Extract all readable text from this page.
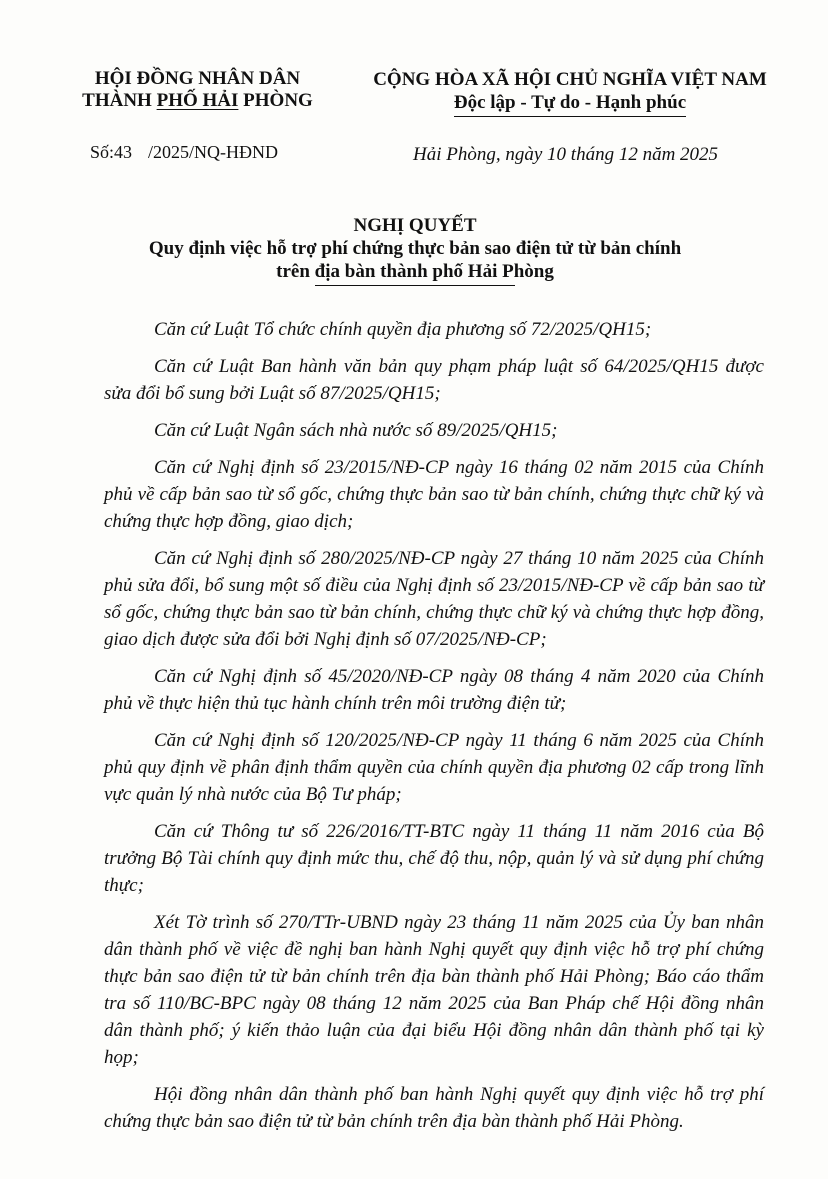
HỘI ĐỒNG NHÂN DÂN
THÀNH PHỐ HẢI PHÒNG
CỘNG HÒA XÃ HỘI CHỦ NGHĨA VIỆT NAM
Độc lập - Tự do - Hạnh phúc
Số:43 /2025/NQ-HĐND	Hải Phòng, ngày 10 tháng 12 năm 2025
NGHỊ QUYẾT
Quy định việc hỗ trợ phí chứng thực bản sao điện tử từ bản chính
trên địa bàn thành phố Hải Phòng

Căn cứ Luật Tổ chức chính quyền địa phương số 72/2025/QH15;

Căn cứ Luật Ban hành văn bản quy phạm pháp luật số 64/2025/QH15 được sửa đổi bổ sung bởi Luật số 87/2025/QH15;

Căn cứ Luật Ngân sách nhà nước số 89/2025/QH15;

Căn cứ Nghị định số 23/2015/NĐ-CP ngày 16 tháng 02 năm 2015 của Chính phủ về cấp bản sao từ sổ gốc, chứng thực bản sao từ bản chính, chứng thực chữ ký và chứng thực hợp đồng, giao dịch;

Căn cứ Nghị định số 280/2025/NĐ-CP ngày 27 tháng 10 năm 2025 của Chính phủ sửa đổi, bổ sung một số điều của Nghị định số 23/2015/NĐ-CP về cấp bản sao từ sổ gốc, chứng thực bản sao từ bản chính, chứng thực chữ ký và chứng thực hợp đồng, giao dịch được sửa đổi bởi Nghị định số 07/2025/NĐ-CP;

Căn cứ Nghị định số 45/2020/NĐ-CP ngày 08 tháng 4 năm 2020 của Chính phủ về thực hiện thủ tục hành chính trên môi trường điện tử;

Căn cứ Nghị định số 120/2025/NĐ-CP ngày 11 tháng 6 năm 2025 của Chính phủ quy định về phân định thẩm quyền của chính quyền địa phương 02 cấp trong lĩnh vực quản lý nhà nước của Bộ Tư pháp;

Căn cứ Thông tư số 226/2016/TT-BTC ngày 11 tháng 11 năm 2016 của Bộ trưởng Bộ Tài chính quy định mức thu, chế độ thu, nộp, quản lý và sử dụng phí chứng thực;

Xét Tờ trình số 270/TTr-UBND ngày 23 tháng 11 năm 2025 của Ủy ban nhân dân thành phố về việc đề nghị ban hành Nghị quyết quy định việc hỗ trợ phí chứng thực bản sao điện tử từ bản chính trên địa bàn thành phố Hải Phòng; Báo cáo thẩm tra số 110/BC-BPC ngày 08 tháng 12 năm 2025 của Ban Pháp chế Hội đồng nhân dân thành phố; ý kiến thảo luận của đại biểu Hội đồng nhân dân thành phố tại kỳ họp;

Hội đồng nhân dân thành phố ban hành Nghị quyết quy định việc hỗ trợ phí chứng thực bản sao điện tử từ bản chính trên địa bàn thành phố Hải Phòng.
